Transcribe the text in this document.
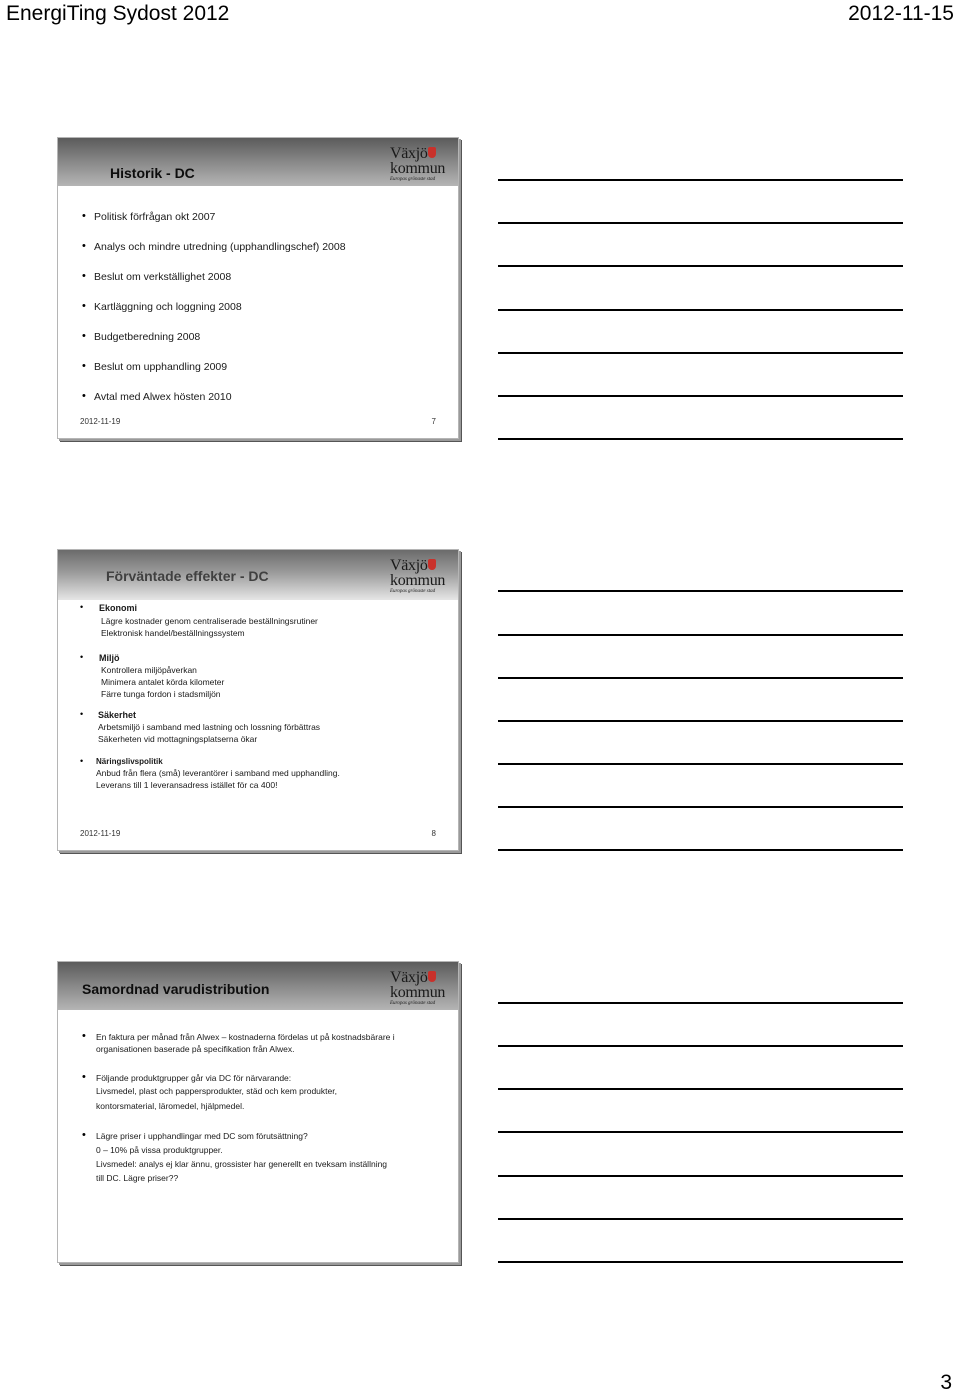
EnergiTing Sydost 2012	2012-11-15
Historik - DC
Växjö
kommun
Europas grönaste stad
• Politisk förfrågan okt 2007
• Analys och mindre utredning (upphandlingschef) 2008
• Beslut om verkställighet 2008
• Kartläggning och loggning 2008
• Budgetberedning 2008
• Beslut om upphandling 2009
• Avtal med Alwex hösten 2010
2012-11-19	7
Förväntade effekter - DC
Växjö
kommun
Europas grönaste stad
• Ekonomi
Lägre kostnader genom centraliserade beställningsrutiner
Elektronisk handel/beställningssystem
• Miljö
Kontrollera miljöpåverkan
Minimera antalet körda kilometer
Färre tunga fordon i stadsmiljön
• Säkerhet
Arbetsmiljö i samband med lastning och lossning förbättras
Säkerheten vid mottagningsplatserna ökar
• Näringslivspolitik
Anbud från flera (små) leverantörer i samband med upphandling.
Leverans till 1 leveransadress istället för ca 400!
2012-11-19	8
Samordnad varudistribution
Växjö
kommun
Europas grönaste stad
• En faktura per månad från Alwex – kostnaderna fördelas ut på kostnadsbärare i
organisationen baserade på specifikation från Alwex.
• Följande produktgrupper går via DC för närvarande:
Livsmedel, plast och pappersprodukter, städ och kem produkter,
kontorsmaterial, läromedel, hjälpmedel.
• Lägre priser i upphandlingar med DC som förutsättning?
0 – 10% på vissa produktgrupper.
Livsmedel: analys ej klar ännu, grossister har generellt en tveksam inställning
till DC. Lägre priser??
3
